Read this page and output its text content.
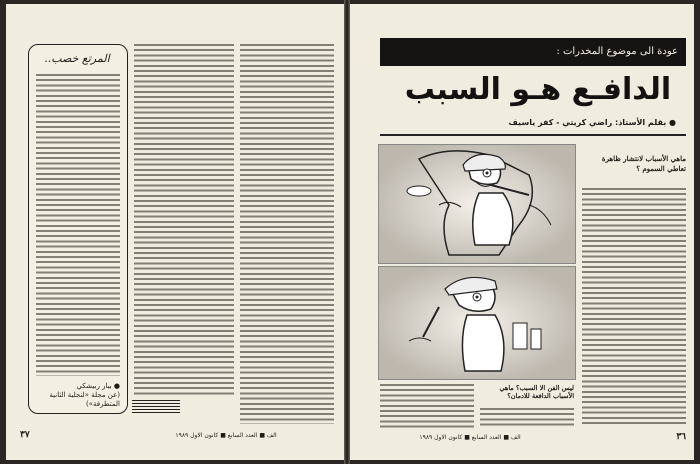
المرتع خصب..
● بيار ربيشكي
(عن مجلة «لنجلية الثانية المتطرفة»)
الف ■ العدد السابع ■ كانون الاول ١٩٨٩
٣٧
عودة الى موضوع المخدرات :
الدافـع هـو السبب
● بقلم الأستاذ: راضي كريتي - كفر ياسيف
ماهي الأسباب لانتشار ظاهرة تعاطي السموم ؟
ليس الفن الا السبب؟ ماهي الأسباب الدافعة للادمان؟
الف ■ العدد السابع ■ كانون الاول ١٩٨٩	٣٦
